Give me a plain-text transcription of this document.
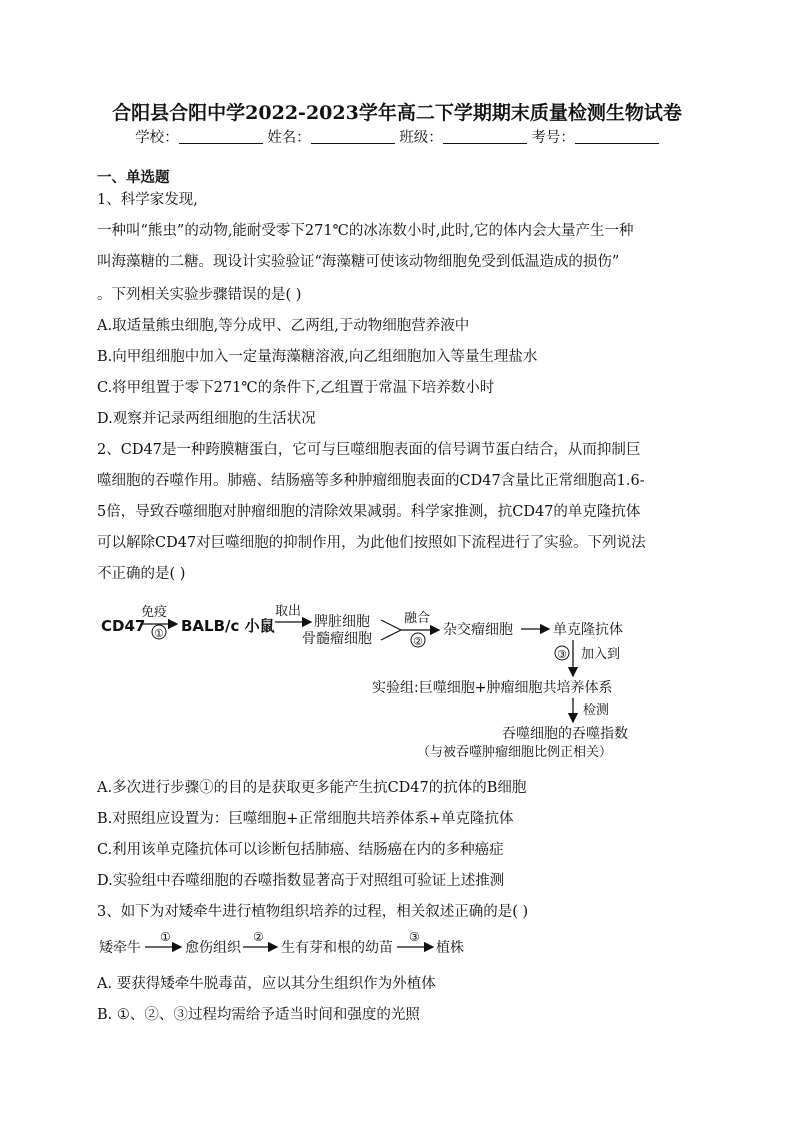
合阳县合阳中学2022-2023学年高二下学期期末质量检测生物试卷
学校：	姓名：	班级：	考号：
一、单选题
1、科学家发现,
一种叫“熊虫”的动物,能耐受零下271℃的冰冻数小时,此时,它的体内会大量产生一种
叫海藻糖的二糖。现设计实验验证“海藻糖可使该动物细胞免受到低温造成的损伤”
。下列相关实验步骤错误的是( )
A.取适量熊虫细胞,等分成甲、乙两组,于动物细胞营养液中
B.向甲组细胞中加入一定量海藻糖溶液,向乙组细胞加入等量生理盐水
C.将甲组置于零下271℃的条件下,乙组置于常温下培养数小时
D.观察并记录两组细胞的生活状况
2、CD47是一种跨膜糖蛋白，它可与巨噬细胞表面的信号调节蛋白结合，从而抑制巨
噬细胞的吞噬作用。肺癌、结肠癌等多种肿瘤细胞表面的CD47含量比正常细胞高1.6-
5倍，导致吞噬细胞对肿瘤细胞的清除效果减弱。科学家推测，抗CD47的单克隆抗体
可以解除CD47对巨噬细胞的抑制作用，为此他们按照如下流程进行了实验。下列说法
不正确的是( )
CD47
免疫
① BALB/c 小鼠
取出
脾脏细胞
骨髓瘤细胞
融合
②
杂交瘤细胞	单克隆抗体
③ 加入到
实验组:巨噬细胞+肿瘤细胞共培养体系
检测
吞噬细胞的吞噬指数
（与被吞噬肿瘤细胞比例正相关）
A.多次进行步骤①的目的是获取更多能产生抗CD47的抗体的B细胞
B.对照组应设置为：巨噬细胞+正常细胞共培养体系+单克隆抗体
C.利用该单克隆抗体可以诊断包括肺癌、结肠癌在内的多种癌症
D.实验组中吞噬细胞的吞噬指数显著高于对照组可验证上述推测
3、如下为对矮牵牛进行植物组织培养的过程，相关叙述正确的是( )
矮牵牛
①
愈伤组织
②
生有芽和根的幼苗
③
植株
A. 要获得矮牵牛脱毒苗，应以其分生组织作为外植体
B. ①、②、③过程均需给予适当时间和强度的光照
